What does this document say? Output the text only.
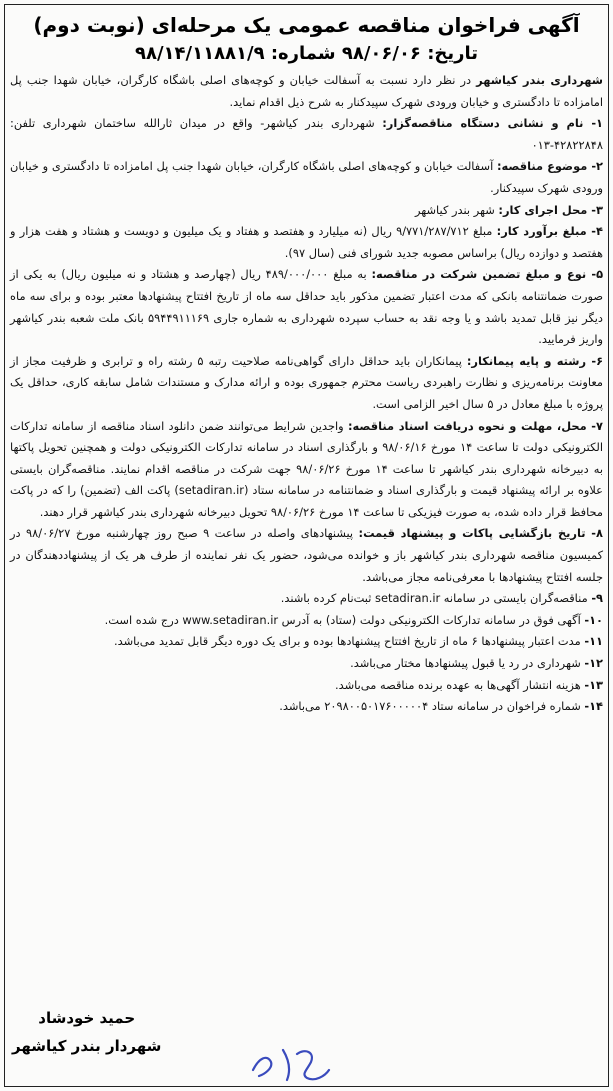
آگهی فراخوان مناقصه عمومی یک مرحله‌ای (نوبت دوم)
تاریخ: ۹۸/۰۶/۰۶ شماره: ۹۸/۱۴/۱۱۸۸۱/۹
شهرداری بندر کیاشهر در نظر دارد نسبت به آسفالت خیابان و کوچه‌های اصلی باشگاه کارگران، خیابان شهدا جنب پل امامزاده تا دادگستری و خیابان ورودی شهرک سپیدکنار به شرح ذیل اقدام نماید.
۱- نام و نشانی دستگاه مناقصه‌گزار: شهرداری بندر کیاشهر- واقع در میدان ثارالله ساختمان شهرداری تلفن: ۴۲۸۲۲۸۴۸-۰۱۳
۲- موضوع مناقصه: آسفالت خیابان و کوچه‌های اصلی باشگاه کارگران، خیابان شهدا جنب پل امامزاده تا دادگستری و خیابان ورودی شهرک سپیدکنار.
۳- محل اجرای کار: شهر بندر کیاشهر
۴- مبلغ برآورد کار: مبلغ ۹/۷۷۱/۲۸۷/۷۱۲ ریال (نه میلیارد و هفتصد و هفتاد و یک میلیون و دویست و هشتاد و هفت هزار و هفتصد و دوازده ریال) براساس مصوبه جدید شورای فنی (سال ۹۷).
۵- نوع و مبلغ تضمین شرکت در مناقصه: به مبلغ ۴۸۹/۰۰۰/۰۰۰ ریال (چهارصد و هشتاد و نه میلیون ریال) به یکی از صورت ضمانتنامه بانکی که مدت اعتبار تضمین مذکور باید حداقل سه ماه از تاریخ افتتاح پیشنهادها معتبر بوده و برای سه ماه دیگر نیز قابل تمدید باشد و یا وجه نقد به حساب سپرده شهرداری به شماره جاری ۵۹۴۴۹۱۱۱۶۹ بانک ملت شعبه بندر کیاشهر واریز فرمایید.
۶- رشته و پایه پیمانکار: پیمانکاران باید حداقل دارای گواهی‌نامه صلاحیت رتبه ۵ رشته راه و ترابری و ظرفیت مجاز از معاونت برنامه‌ریزی و نظارت راهبردی ریاست محترم جمهوری بوده و ارائه مدارک و مستندات شامل سابقه کاری، حداقل یک پروژه با مبلغ معادل در ۵ سال اخیر الزامی است.
۷- محل، مهلت و نحوه دریافت اسناد مناقصه: واجدین شرایط می‌توانند ضمن دانلود اسناد مناقصه از سامانه تدارکات الکترونیکی دولت تا ساعت ۱۴ مورخ ۹۸/۰۶/۱۶ و بارگذاری اسناد در سامانه تدارکات الکترونیکی دولت و همچنین تحویل پاکتها به دبیرخانه شهرداری بندر کیاشهر تا ساعت ۱۴ مورخ ۹۸/۰۶/۲۶ جهت شرکت در مناقصه اقدام نمایند. مناقصه‌گران بایستی علاوه بر ارائه پیشنهاد قیمت و بارگذاری اسناد و ضمانتنامه در سامانه ستاد (setadiran.ir) پاکت الف (تضمین) را که در پاکت محافظ قرار داده شده، به صورت فیزیکی تا ساعت ۱۴ مورخ ۹۸/۰۶/۲۶ تحویل دبیرخانه شهرداری بندر کیاشهر قرار دهند.
۸- تاریخ بازگشایی پاکات و پیشنهاد قیمت: پیشنهادهای واصله در ساعت ۹ صبح روز چهارشنبه مورخ ۹۸/۰۶/۲۷ در کمیسیون مناقصه شهرداری بندر کیاشهر باز و خوانده می‌شود، حضور یک نفر نماینده از طرف هر یک از پیشنهاددهندگان در جلسه افتتاح پیشنهادها با معرفی‌نامه مجاز می‌باشد.
۹- مناقصه‌گران بایستی در سامانه setadiran.ir ثبت‌نام کرده باشند.
۱۰- آگهی فوق در سامانه تدارکات الکترونیکی دولت (ستاد) به آدرس www.setadiran.ir درج شده است.
۱۱- مدت اعتبار پیشنهادها ۶ ماه از تاریخ افتتاح پیشنهادها بوده و برای یک دوره دیگر قابل تمدید می‌باشد.
۱۲- شهرداری در رد یا قبول پیشنهادها مختار می‌باشد.
۱۳- هزینه انتشار آگهی‌ها به عهده برنده مناقصه می‌باشد.
۱۴- شماره فراخوان در سامانه ستاد ۲۰۹۸۰۰۵۰۱۷۶۰۰۰۰۰۴ می‌باشد.
حمید خودشاد
شهردار بندر کیاشهر
